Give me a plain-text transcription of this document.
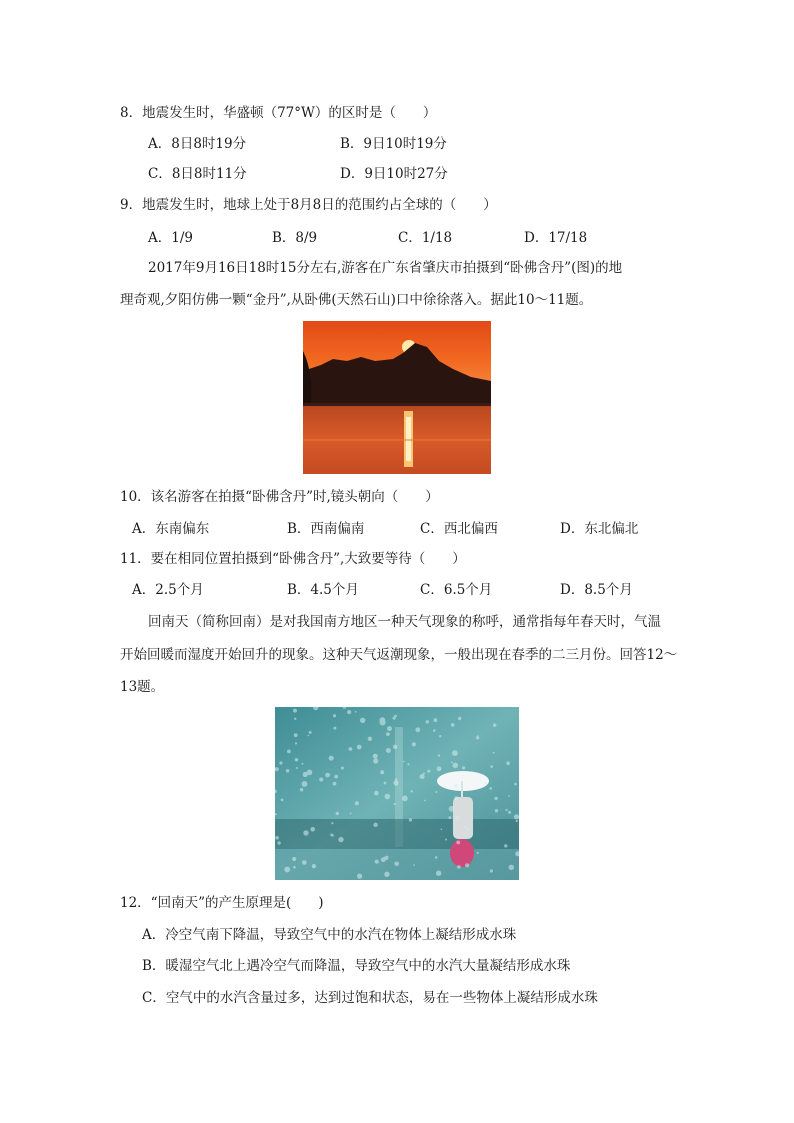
8．地震发生时，华盛顿（77°W）的区时是（　　）
A．8日8时19分	B．9日10时19分
C．8日8时11分	D．9日10时27分
9．地震发生时，地球上处于8月8日的范围约占全球的（　　）
A．1/9	B．8/9	C．1/18	D．17/18
2017年9月16日18时15分左右,游客在广东省肇庆市拍摄到“卧佛含丹”(图)的地
理奇观,夕阳仿佛一颗“金丹”,从卧佛(天然石山)口中徐徐落入。据此10～11题。
10．该名游客在拍摄“卧佛含丹”时,镜头朝向（　　）
A．东南偏东	B．西南偏南	C．西北偏西	D．东北偏北
11．要在相同位置拍摄到“卧佛含丹”,大致要等待（　　）
A．2.5个月	B．4.5个月	C．6.5个月	D．8.5个月
回南天（简称回南）是对我国南方地区一种天气现象的称呼，通常指每年春天时，气温
开始回暖而湿度开始回升的现象。这种天气返潮现象，一般出现在春季的二三月份。回答12～
13题。
12．“回南天”的产生原理是(　　)
A．冷空气南下降温，导致空气中的水汽在物体上凝结形成水珠
B．暖湿空气北上遇冷空气而降温，导致空气中的水汽大量凝结形成水珠
C．空气中的水汽含量过多，达到过饱和状态，易在一些物体上凝结形成水珠
